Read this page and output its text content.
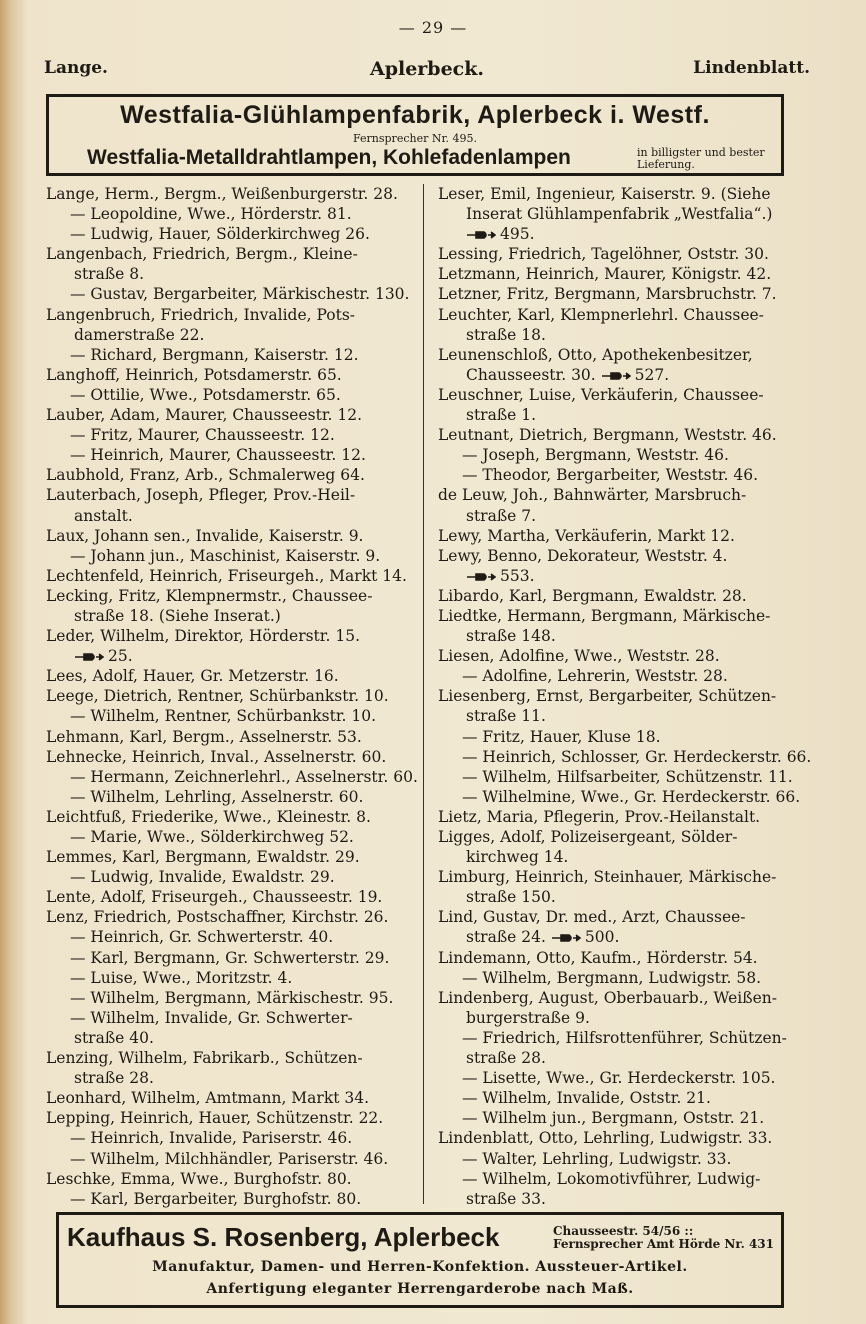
— 29 —
Lange.	Aplerbeck.	Lindenblatt.
Westfalia-Glühlampenfabrik, Aplerbeck i. Westf.
Fernsprecher Nr. 495.
Westfalia-Metalldrahtlampen, Kohlefadenlampen	in billigster und bester Lieferung.
Lange, Herm., Bergm., Weißenburgerstr. 28.
— Leopoldine, Wwe., Hörderstr. 81.
— Ludwig, Hauer, Sölderkirchweg 26.
Langenbach, Friedrich, Bergm., Kleine-
straße 8.
— Gustav, Bergarbeiter, Märkischestr. 130.
Langenbruch, Friedrich, Invalide, Pots-
damerstraße 22.
— Richard, Bergmann, Kaiserstr. 12.
Langhoff, Heinrich, Potsdamerstr. 65.
— Ottilie, Wwe., Potsdamerstr. 65.
Lauber, Adam, Maurer, Chausseestr. 12.
— Fritz, Maurer, Chausseestr. 12.
— Heinrich, Maurer, Chausseestr. 12.
Laubhold, Franz, Arb., Schmalerweg 64.
Lauterbach, Joseph, Pfleger, Prov.-Heil-
anstalt.
Laux, Johann sen., Invalide, Kaiserstr. 9.
— Johann jun., Maschinist, Kaiserstr. 9.
Lechtenfeld, Heinrich, Friseurgeh., Markt 14.
Lecking, Fritz, Klempnermstr., Chaussee-
straße 18. (Siehe Inserat.)
Leder, Wilhelm, Direktor, Hörderstr. 15.
25.
Lees, Adolf, Hauer, Gr. Metzerstr. 16.
Leege, Dietrich, Rentner, Schürbankstr. 10.
— Wilhelm, Rentner, Schürbankstr. 10.
Lehmann, Karl, Bergm., Asselnerstr. 53.
Lehnecke, Heinrich, Inval., Asselnerstr. 60.
— Hermann, Zeichnerlehrl., Asselnerstr. 60.
— Wilhelm, Lehrling, Asselnerstr. 60.
Leichtfuß, Friederike, Wwe., Kleinestr. 8.
— Marie, Wwe., Sölderkirchweg 52.
Lemmes, Karl, Bergmann, Ewaldstr. 29.
— Ludwig, Invalide, Ewaldstr. 29.
Lente, Adolf, Friseurgeh., Chausseestr. 19.
Lenz, Friedrich, Postschaffner, Kirchstr. 26.
— Heinrich, Gr. Schwerterstr. 40.
— Karl, Bergmann, Gr. Schwerterstr. 29.
— Luise, Wwe., Moritzstr. 4.
— Wilhelm, Bergmann, Märkischestr. 95.
— Wilhelm, Invalide, Gr. Schwerter-
straße 40.
Lenzing, Wilhelm, Fabrikarb., Schützen-
straße 28.
Leonhard, Wilhelm, Amtmann, Markt 34.
Lepping, Heinrich, Hauer, Schützenstr. 22.
— Heinrich, Invalide, Pariserstr. 46.
— Wilhelm, Milchhändler, Pariserstr. 46.
Leschke, Emma, Wwe., Burghofstr. 80.
— Karl, Bergarbeiter, Burghofstr. 80.
Leser, Emil, Ingenieur, Kaiserstr. 9. (Siehe
Inserat Glühlampenfabrik „Westfalia“.)
495.
Lessing, Friedrich, Tagelöhner, Oststr. 30.
Letzmann, Heinrich, Maurer, Königstr. 42.
Letzner, Fritz, Bergmann, Marsbruchstr. 7.
Leuchter, Karl, Klempnerlehrl. Chaussee-
straße 18.
Leunenschloß, Otto, Apothekenbesitzer,
Chausseestr. 30. 527.
Leuschner, Luise, Verkäuferin, Chaussee-
straße 1.
Leutnant, Dietrich, Bergmann, Weststr. 46.
— Joseph, Bergmann, Weststr. 46.
— Theodor, Bergarbeiter, Weststr. 46.
de Leuw, Joh., Bahnwärter, Marsbruch-
straße 7.
Lewy, Martha, Verkäuferin, Markt 12.
Lewy, Benno, Dekorateur, Weststr. 4.
553.
Libardo, Karl, Bergmann, Ewaldstr. 28.
Liedtke, Hermann, Bergmann, Märkische-
straße 148.
Liesen, Adolfine, Wwe., Weststr. 28.
— Adolfine, Lehrerin, Weststr. 28.
Liesenberg, Ernst, Bergarbeiter, Schützen-
straße 11.
— Fritz, Hauer, Kluse 18.
— Heinrich, Schlosser, Gr. Herdeckerstr. 66.
— Wilhelm, Hilfsarbeiter, Schützenstr. 11.
— Wilhelmine, Wwe., Gr. Herdeckerstr. 66.
Lietz, Maria, Pflegerin, Prov.-Heilanstalt.
Ligges, Adolf, Polizeisergeant, Sölder-
kirchweg 14.
Limburg, Heinrich, Steinhauer, Märkische-
straße 150.
Lind, Gustav, Dr. med., Arzt, Chaussee-
straße 24. 500.
Lindemann, Otto, Kaufm., Hörderstr. 54.
— Wilhelm, Bergmann, Ludwigstr. 58.
Lindenberg, August, Oberbauarb., Weißen-
burgerstraße 9.
— Friedrich, Hilfsrottenführer, Schützen-
straße 28.
— Lisette, Wwe., Gr. Herdeckerstr. 105.
— Wilhelm, Invalide, Oststr. 21.
— Wilhelm jun., Bergmann, Oststr. 21.
Lindenblatt, Otto, Lehrling, Ludwigstr. 33.
— Walter, Lehrling, Ludwigstr. 33.
— Wilhelm, Lokomotivführer, Ludwig-
straße 33.
Kaufhaus S. Rosenberg, Aplerbeck	Chausseestr. 54/56 :: Fernsprecher Amt Hörde Nr. 431
Manufaktur, Damen- und Herren-Konfektion. Aussteuer-Artikel.
Anfertigung eleganter Herrengarderobe nach Maß.
